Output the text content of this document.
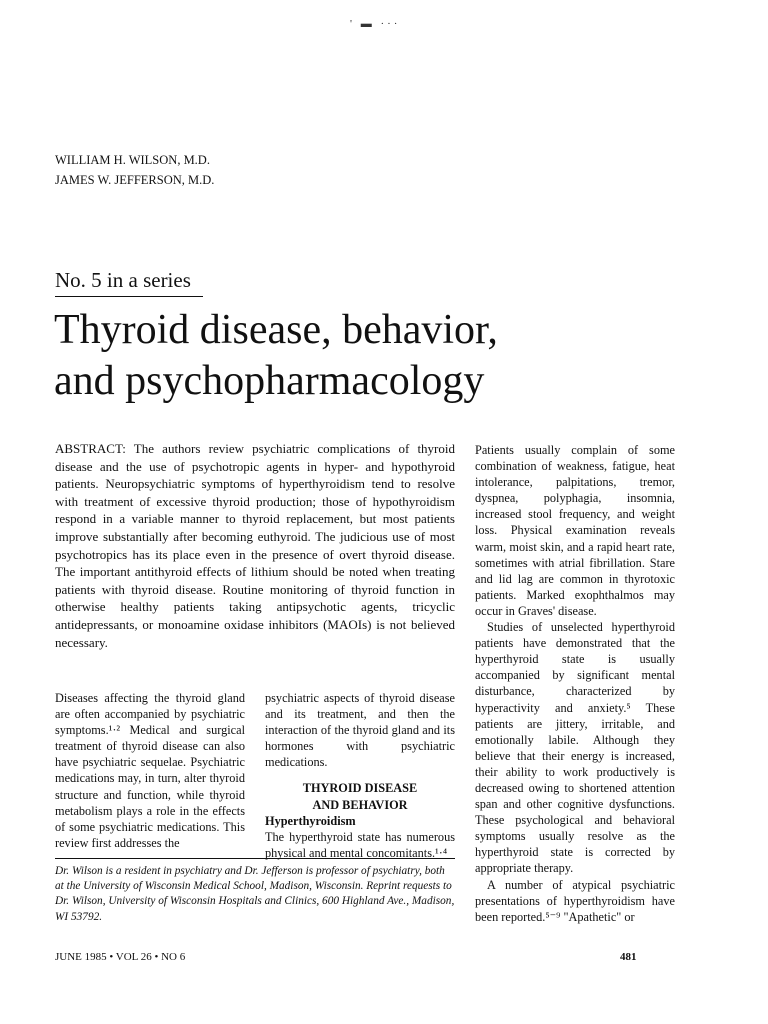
' ▬ ···
WILLIAM H. WILSON, M.D.
JAMES W. JEFFERSON, M.D.
No. 5 in a series
Thyroid disease, behavior,
and psychopharmacology

ABSTRACT: The authors review psychiatric complications of thyroid disease and the use of psychotropic agents in hyper- and hypothyroid patients. Neuropsychiatric symptoms of hyperthyroidism tend to resolve with treatment of excessive thyroid production; those of hypothyroidism respond in a variable manner to thyroid replacement, but most patients improve substantially after becoming euthyroid. The judicious use of most psychotropics has its place even in the presence of overt thyroid disease. The important antithyroid effects of lithium should be noted when treating patients with thyroid disease. Routine monitoring of thyroid function in otherwise healthy patients taking antipsychotic agents, tricyclic antidepressants, or monoamine oxidase inhibitors (MAOIs) is not believed necessary.

Diseases affecting the thyroid gland are often accompanied by psychiatric symptoms.¹·² Medical and surgical treatment of thyroid disease can also have psychiatric sequelae. Psychiatric medications may, in turn, alter thyroid structure and function, while thyroid metabolism plays a role in the effects of some psychiatric medications. This review first addresses the

psychiatric aspects of thyroid disease and its treatment, and then the interaction of the thyroid gland and its hormones with psychiatric medications.

THYROID DISEASE
AND BEHAVIOR
Hyperthyroidism

The hyperthyroid state has numerous physical and mental concomitants.¹·⁴

Patients usually complain of some combination of weakness, fatigue, heat intolerance, palpitations, tremor, dyspnea, polyphagia, insomnia, increased stool frequency, and weight loss. Physical examination reveals warm, moist skin, and a rapid heart rate, sometimes with atrial fibrillation. Stare and lid lag are common in thyrotoxic patients. Marked exophthalmos may occur in Graves' disease.

Studies of unselected hyperthyroid patients have demonstrated that the hyperthyroid state is usually accompanied by significant mental disturbance, characterized by hyperactivity and anxiety.⁵ These patients are jittery, irritable, and emotionally labile. Although they believe that their energy is increased, their ability to work productively is decreased owing to shortened attention span and other cognitive dysfunctions. These psychological and behavioral symptoms usually resolve as the hyperthyroid state is corrected by appropriate therapy.

A number of atypical psychiatric presentations of hyperthyroidism have been reported.⁵⁻⁹ "Apathetic" or

Dr. Wilson is a resident in psychiatry and Dr. Jefferson is professor of psychiatry, both at the University of Wisconsin Medical School, Madison, Wisconsin. Reprint requests to Dr. Wilson, University of Wisconsin Hospitals and Clinics, 600 Highland Ave., Madison, WI 53792.

JUNE 1985 • VOL 26 • NO 6	481
